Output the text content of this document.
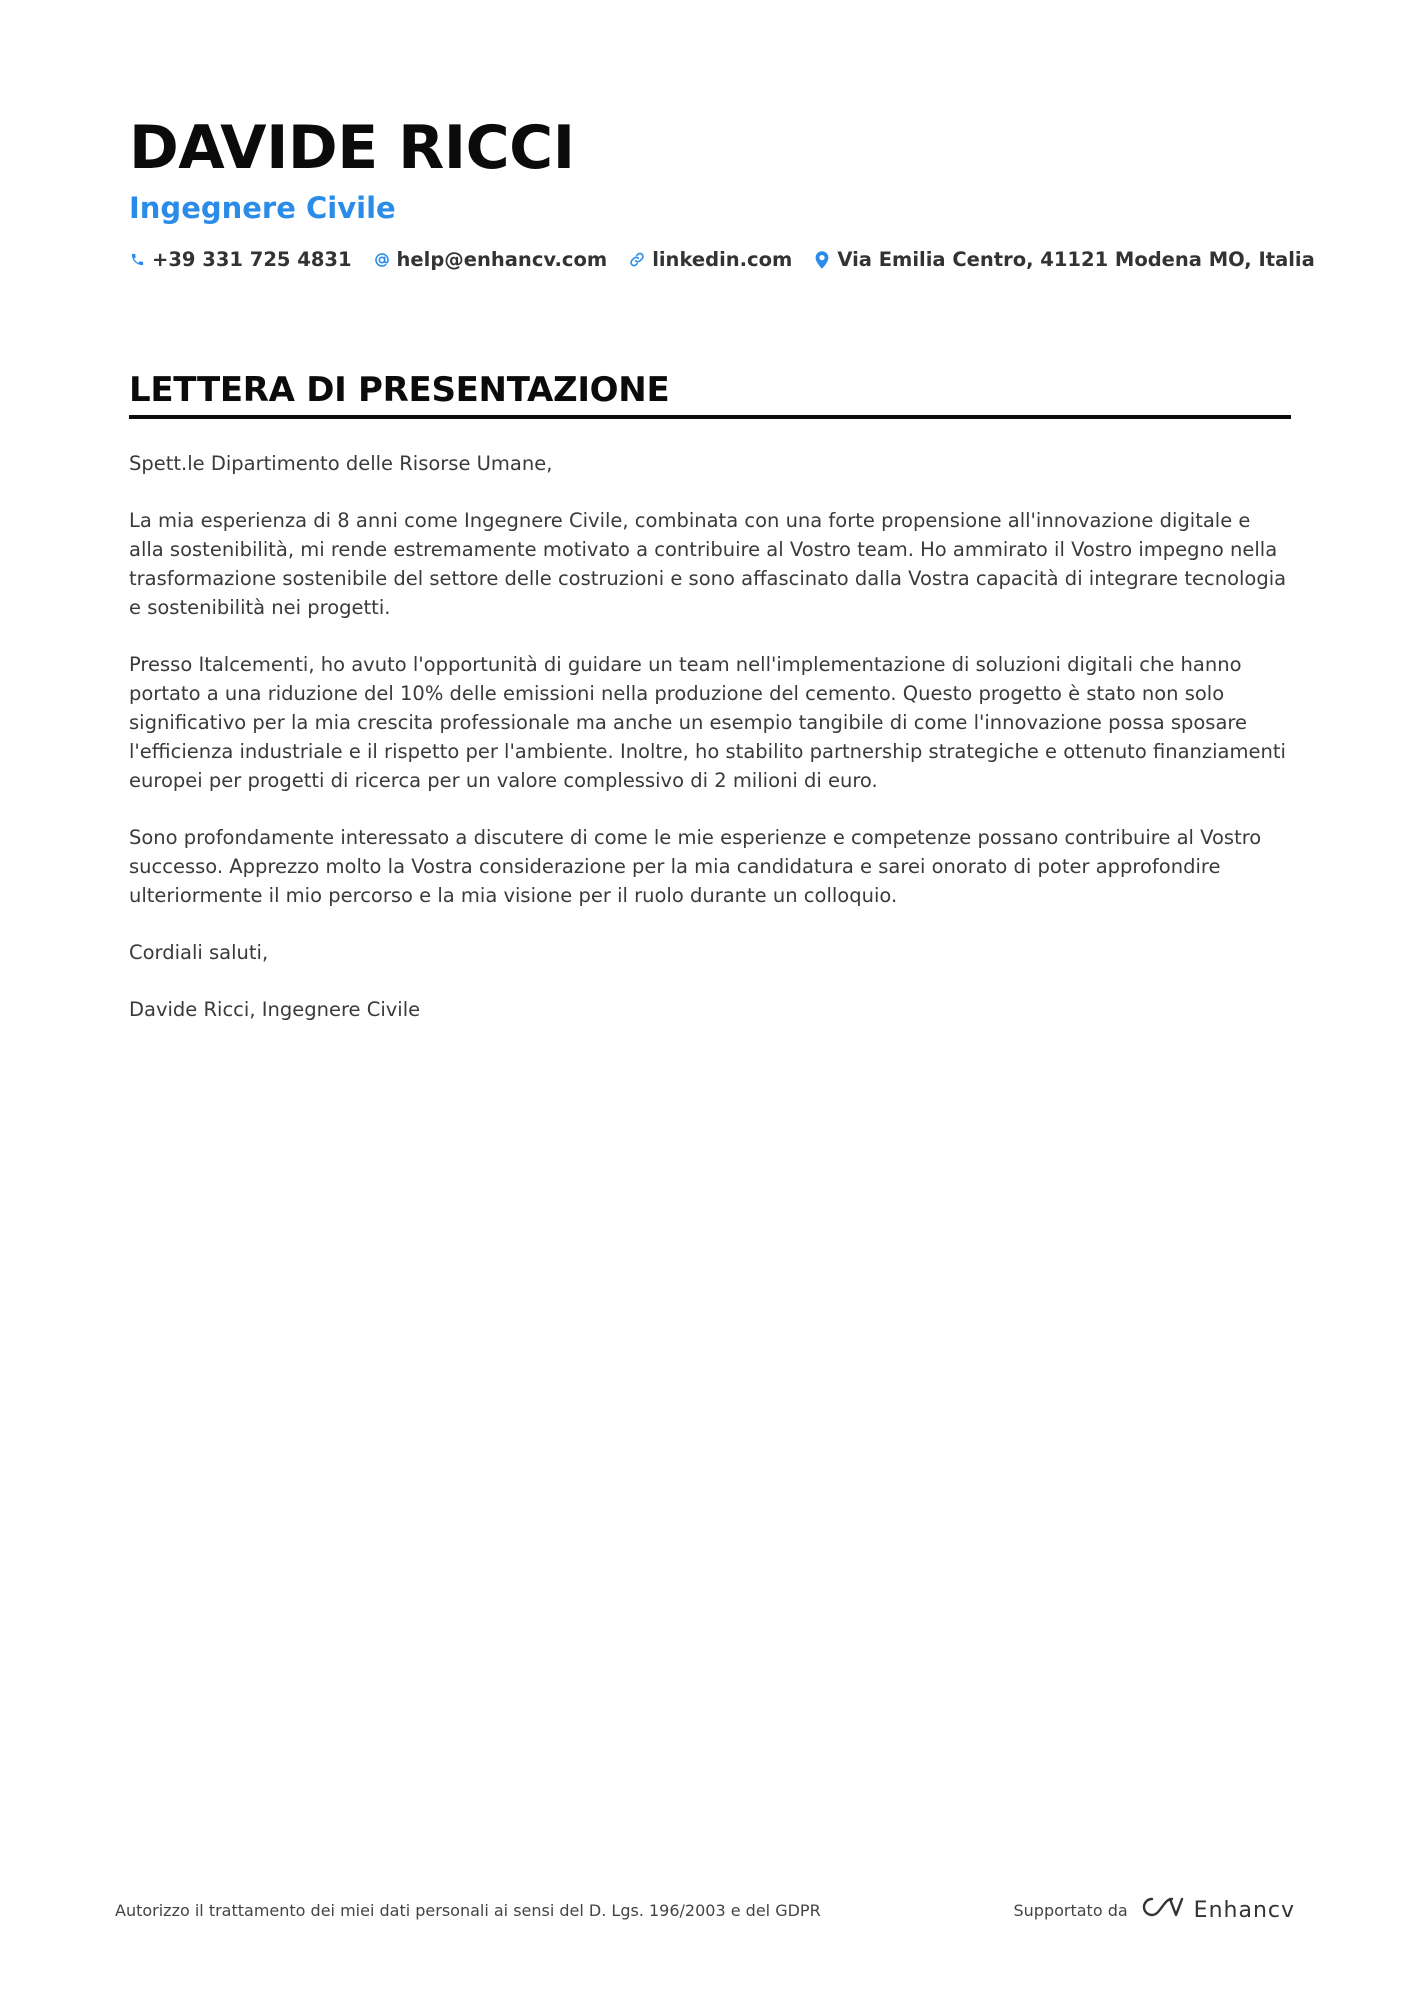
DAVIDE RICCI
Ingegnere Civile
+39 331 725 4831 help@enhancv.com linkedin.com Via Emilia Centro, 41121 Modena MO, Italia
LETTERA DI PRESENTAZIONE

Spett.le Dipartimento delle Risorse Umane,

La mia esperienza di 8 anni come Ingegnere Civile, combinata con una forte propensione all'innovazione digitale e alla sostenibilità, mi rende estremamente motivato a contribuire al Vostro team. Ho ammirato il Vostro impegno nella trasformazione sostenibile del settore delle costruzioni e sono affascinato dalla Vostra capacità di integrare tecnologia e sostenibilità nei progetti.

Presso Italcementi, ho avuto l'opportunità di guidare un team nell'implementazione di soluzioni digitali che hanno portato a una riduzione del 10% delle emissioni nella produzione del cemento. Questo progetto è stato non solo significativo per la mia crescita professionale ma anche un esempio tangibile di come l'innovazione possa sposare l'efficienza industriale e il rispetto per l'ambiente. Inoltre, ho stabilito partnership strategiche e ottenuto finanziamenti europei per progetti di ricerca per un valore complessivo di 2 milioni di euro.

Sono profondamente interessato a discutere di come le mie esperienze e competenze possano contribuire al Vostro successo. Apprezzo molto la Vostra considerazione per la mia candidatura e sarei onorato di poter approfondire ulteriormente il mio percorso e la mia visione per il ruolo durante un colloquio.

Cordiali saluti,

Davide Ricci, Ingegnere Civile

Autorizzo il trattamento dei miei dati personali ai sensi del D. Lgs. 196/2003 e del GDPR	Supportato da	Enhancv
